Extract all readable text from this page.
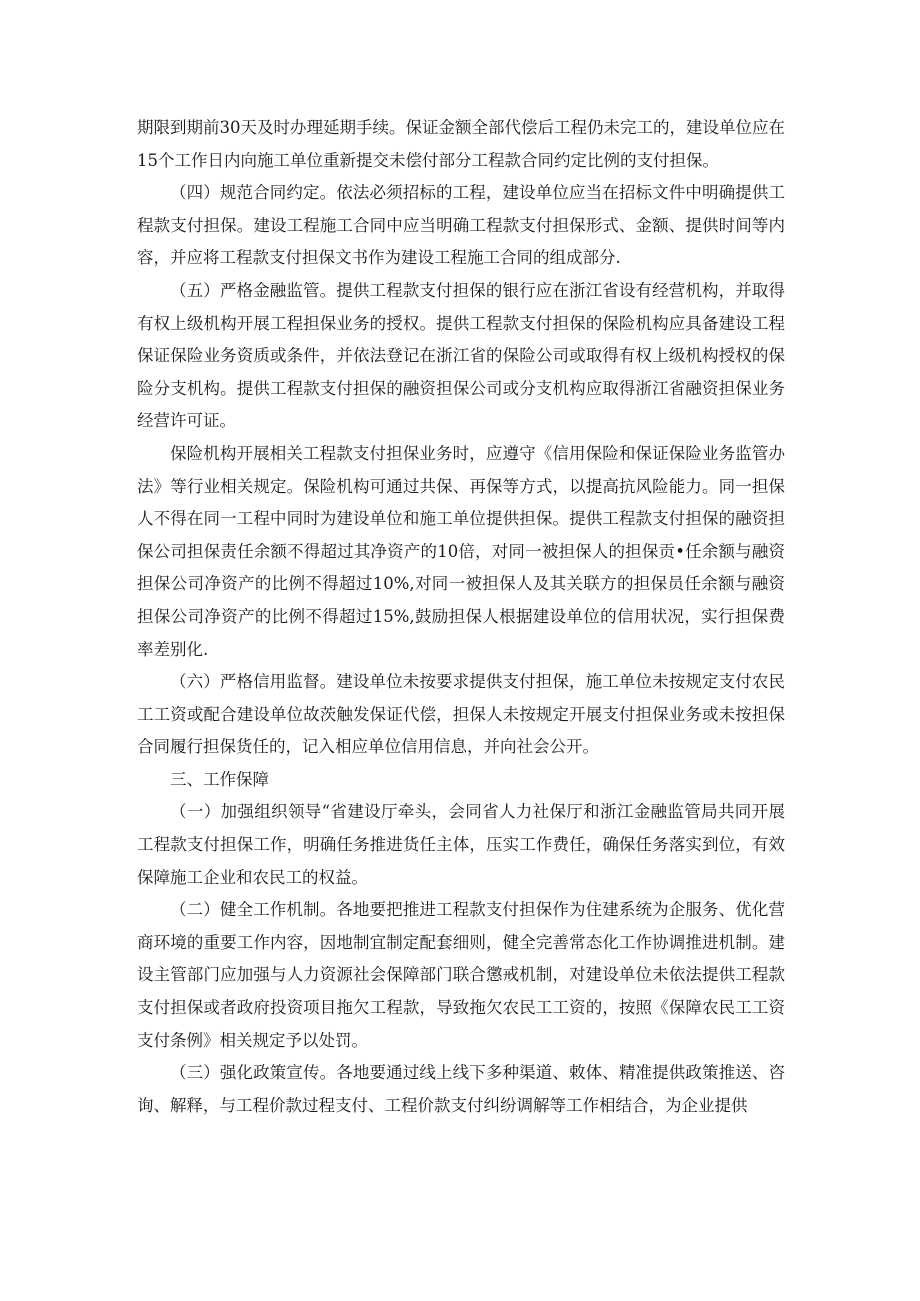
期限到期前30天及时办理延期手续。保证金额全部代偿后工程仍未完工的，建设单位应在15个工作日内向施工单位重新提交未偿付部分工程款合同约定比例的支付担保。

（四）规范合同约定。依法必须招标的工程，建设单位应当在招标文件中明确提供工程款支付担保。建设工程施工合同中应当明确工程款支付担保形式、金额、提供时间等内容，并应将工程款支付担保文书作为建设工程施工合同的组成部分.

（五）严格金融监管。提供工程款支付担保的银行应在浙江省设有经营机构，并取得有权上级机构开展工程担保业务的授权。提供工程款支付担保的保险机构应具备建设工程保证保险业务资质或条件，并依法登记在浙江省的保险公司或取得有权上级机构授权的保险分支机构。提供工程款支付担保的融资担保公司或分支机构应取得浙江省融资担保业务经营许可证。

保险机构开展相关工程款支付担保业务时，应遵守《信用保险和保证保险业务监管办法》等行业相关规定。保险机构可通过共保、再保等方式，以提高抗风险能力。同一担保人不得在同一工程中同时为建设单位和施工单位提供担保。提供工程款支付担保的融资担保公司担保责任余额不得超过其净资产的10倍，对同一被担保人的担保贡•任余额与融资担保公司净资产的比例不得超过10%,对同一被担保人及其关联方的担保员任余额与融资担保公司净资产的比例不得超过15%,鼓励担保人根据建设单位的信用状况，实行担保费率差别化.

（六）严格信用监督。建设单位未按要求提供支付担保，施工单位未按规定支付农民工工资或配合建设单位故茨触发保证代偿，担保人未按规定开展支付担保业务或未按担保合同履行担保货任的，记入相应单位信用信息，并向社会公开。

三、工作保障

（一）加强组织领导“省建设厅牵头，会同省人力社保厅和浙江金融监管局共同开展工程款支付担保工作，明确任务推进货任主体，压实工作费任，确保任务落实到位，有效保障施工企业和农民工的权益。

（二）健全工作机制。各地要把推进工程款支付担保作为住建系统为企服务、优化营商环境的重要工作内容，因地制宜制定配套细则，健全完善常态化工作协调推进机制。建设主管部门应加强与人力资源社会保障部门联合懲戒机制，对建设单位未依法提供工程款支付担保或者政府投资项目拖欠工程款，导致拖欠农民工工资的，按照《保障农民工工资支付条例》相关规定予以处罚。

（三）强化政策宣传。各地要通过线上线下多种渠道、敕体、精准提供政策推送、咨询、解释，与工程价款过程支付、工程价款支付纠纷调解等工作相结合，为企业提供
